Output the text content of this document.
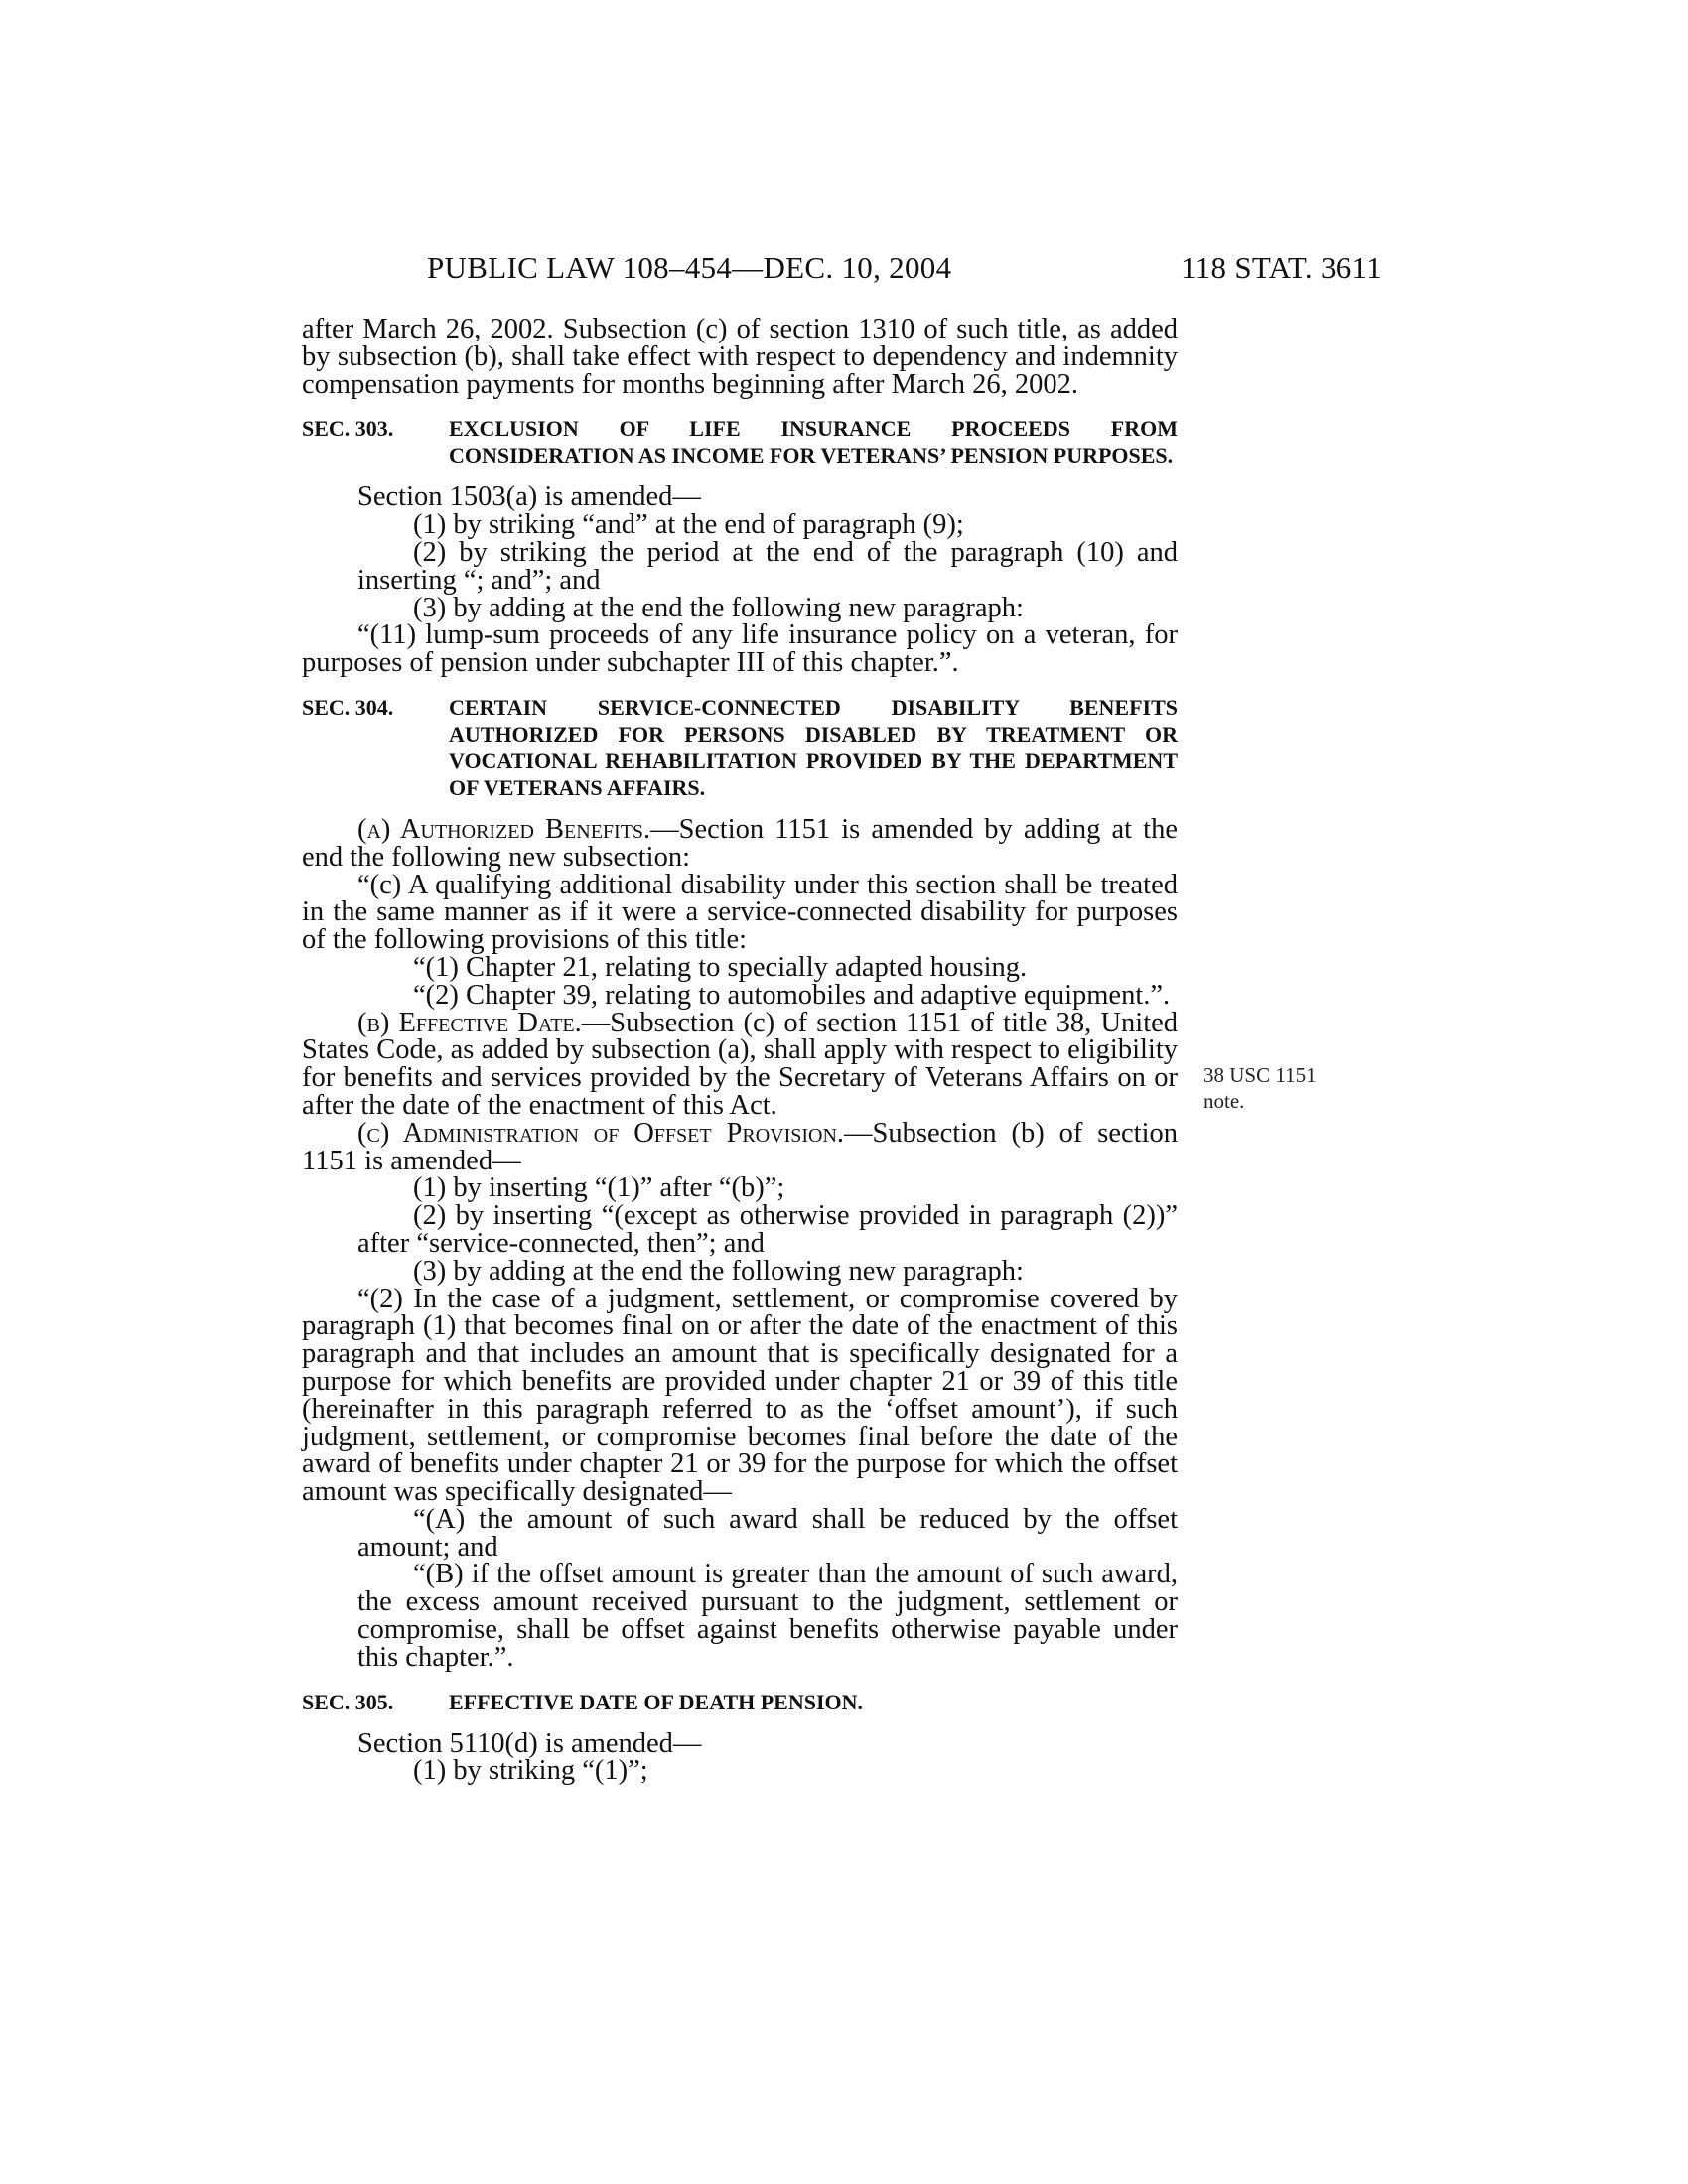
PUBLIC LAW 108–454—DEC. 10, 2004	118 STAT. 3611
38 USC 1151 note.

after March 26, 2002. Subsection (c) of section 1310 of such title, as added by subsection (b), shall take effect with respect to dependency and indemnity compensation payments for months beginning after March 26, 2002.

SEC. 303.	EXCLUSION OF LIFE INSURANCE PROCEEDS FROM CONSIDERATION AS INCOME FOR VETERANS’ PENSION PURPOSES.

Section 1503(a) is amended—

(1) by striking “and” at the end of paragraph (9);

(2) by striking the period at the end of the paragraph (10) and inserting “; and”; and

(3) by adding at the end the following new paragraph:

“(11) lump-sum proceeds of any life insurance policy on a veteran, for purposes of pension under subchapter III of this chapter.”.

SEC. 304.	CERTAIN SERVICE-CONNECTED DISABILITY BENEFITS AUTHORIZED FOR PERSONS DISABLED BY TREATMENT OR VOCATIONAL REHABILITATION PROVIDED BY THE DEPARTMENT OF VETERANS AFFAIRS.

(a) Authorized Benefits.—Section 1151 is amended by adding at the end the following new subsection:

“(c) A qualifying additional disability under this section shall be treated in the same manner as if it were a service-connected disability for purposes of the following provisions of this title:

“(1) Chapter 21, relating to specially adapted housing.

“(2) Chapter 39, relating to automobiles and adaptive equipment.”.

(b) Effective Date.—Subsection (c) of section 1151 of title 38, United States Code, as added by subsection (a), shall apply with respect to eligibility for benefits and services provided by the Secretary of Veterans Affairs on or after the date of the enactment of this Act.

(c) Administration of Offset Provision.—Subsection (b) of section 1151 is amended—

(1) by inserting “(1)” after “(b)”;

(2) by inserting “(except as otherwise provided in paragraph (2))” after “service-connected, then”; and

(3) by adding at the end the following new paragraph:

“(2) In the case of a judgment, settlement, or compromise covered by paragraph (1) that becomes final on or after the date of the enactment of this paragraph and that includes an amount that is specifically designated for a purpose for which benefits are provided under chapter 21 or 39 of this title (hereinafter in this paragraph referred to as the ‘offset amount’), if such judgment, settlement, or compromise becomes final before the date of the award of benefits under chapter 21 or 39 for the purpose for which the offset amount was specifically designated—

“(A) the amount of such award shall be reduced by the offset amount; and

“(B) if the offset amount is greater than the amount of such award, the excess amount received pursuant to the judgment, settlement or compromise, shall be offset against benefits otherwise payable under this chapter.”.

SEC. 305.	EFFECTIVE DATE OF DEATH PENSION.

Section 5110(d) is amended—

(1) by striking “(1)”;
